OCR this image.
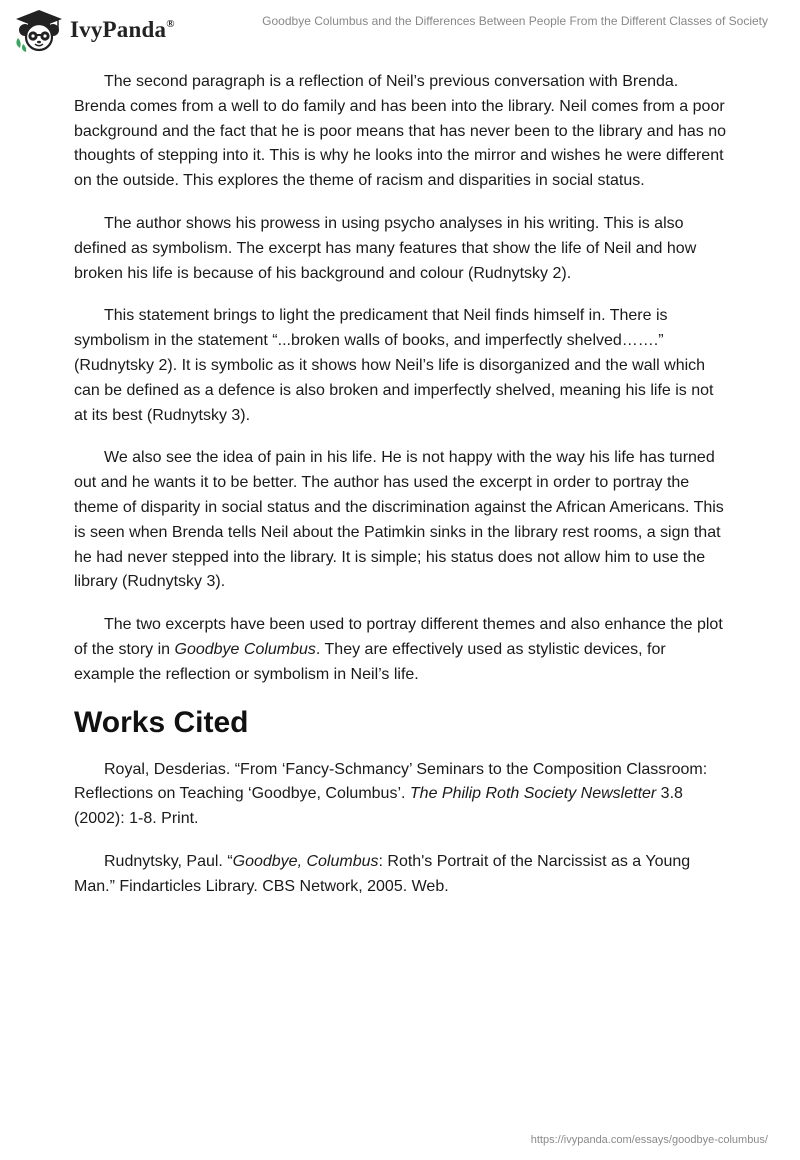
IvyPanda®	Goodbye Columbus and the Differences Between People From the Different Classes of Society

The second paragraph is a reflection of Neil’s previous conversation with Brenda. Brenda comes from a well to do family and has been into the library. Neil comes from a poor background and the fact that he is poor means that has never been to the library and has no thoughts of stepping into it. This is why he looks into the mirror and wishes he were different on the outside. This explores the theme of racism and disparities in social status.

The author shows his prowess in using psycho analyses in his writing. This is also defined as symbolism. The excerpt has many features that show the life of Neil and how broken his life is because of his background and colour (Rudnytsky 2).

This statement brings to light the predicament that Neil finds himself in. There is symbolism in the statement “...broken walls of books, and imperfectly shelved…….” (Rudnytsky 2). It is symbolic as it shows how Neil’s life is disorganized and the wall which can be defined as a defence is also broken and imperfectly shelved, meaning his life is not at its best (Rudnytsky 3).

We also see the idea of pain in his life. He is not happy with the way his life has turned out and he wants it to be better. The author has used the excerpt in order to portray the theme of disparity in social status and the discrimination against the African Americans. This is seen when Brenda tells Neil about the Patimkin sinks in the library rest rooms, a sign that he had never stepped into the library. It is simple; his status does not allow him to use the library (Rudnytsky 3).

The two excerpts have been used to portray different themes and also enhance the plot of the story in Goodbye Columbus. They are effectively used as stylistic devices, for example the reflection or symbolism in Neil’s life.

Works Cited

Royal, Desderias. “From ‘Fancy-Schmancy’ Seminars to the Composition Classroom: Reflections on Teaching ‘Goodbye, Columbus’. The Philip Roth Society Newsletter 3.8 (2002): 1-8. Print.

Rudnytsky, Paul. “Goodbye, Columbus: Roth's Portrait of the Narcissist as a Young Man.” Findarticles Library. CBS Network, 2005. Web.

https://ivypanda.com/essays/goodbye-columbus/
